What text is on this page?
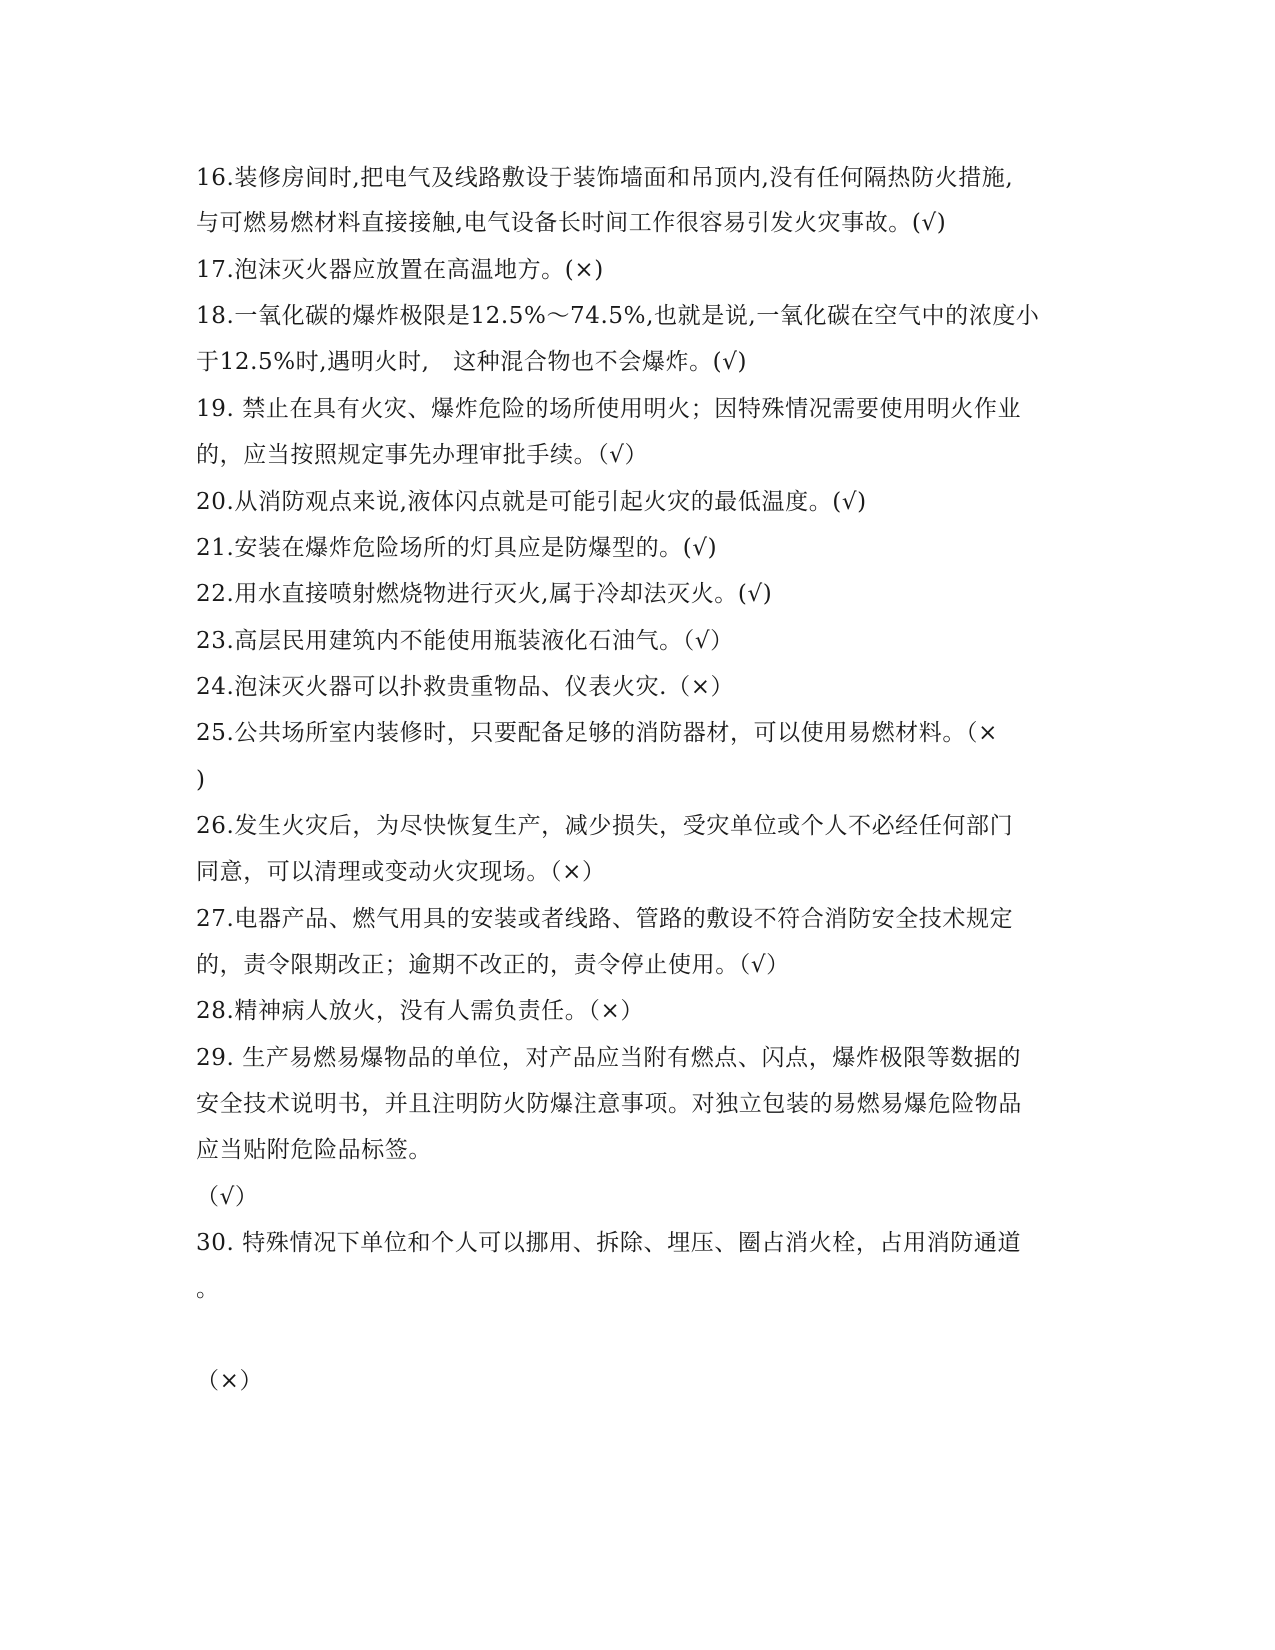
16.装修房间时,把电气及线路敷设于装饰墙面和吊顶内,没有任何隔热防火措施,
与可燃易燃材料直接接触,电气设备长时间工作很容易引发火灾事故。(√)
17.泡沫灭火器应放置在高温地方。(×)
18.一氧化碳的爆炸极限是12.5%～74.5%,也就是说,一氧化碳在空气中的浓度小
于12.5%时,遇明火时,　这种混合物也不会爆炸。(√)
19. 禁止在具有火灾、爆炸危险的场所使用明火；因特殊情况需要使用明火作业
的，应当按照规定事先办理审批手续。（√）
20.从消防观点来说,液体闪点就是可能引起火灾的最低温度。(√)
21.安装在爆炸危险场所的灯具应是防爆型的。(√)
22.用水直接喷射燃烧物进行灭火,属于冷却法灭火。(√)
23.高层民用建筑内不能使用瓶装液化石油气。（√）
24.泡沫灭火器可以扑救贵重物品、仪表火灾.（×）
25.公共场所室内装修时，只要配备足够的消防器材，可以使用易燃材料。（×
)
26.发生火灾后，为尽快恢复生产，减少损失，受灾单位或个人不必经任何部门
同意，可以清理或变动火灾现场。（×）
27.电器产品、燃气用具的安装或者线路、管路的敷设不符合消防安全技术规定
的，责令限期改正；逾期不改正的，责令停止使用。（√）
28.精神病人放火，没有人需负责任。（×）
29. 生产易燃易爆物品的单位，对产品应当附有燃点、闪点，爆炸极限等数据的
安全技术说明书，并且注明防火防爆注意事项。对独立包装的易燃易爆危险物品
应当贴附危险品标签。
（√）
30. 特殊情况下单位和个人可以挪用、拆除、埋压、圈占消火栓，占用消防通道
。
（×）
